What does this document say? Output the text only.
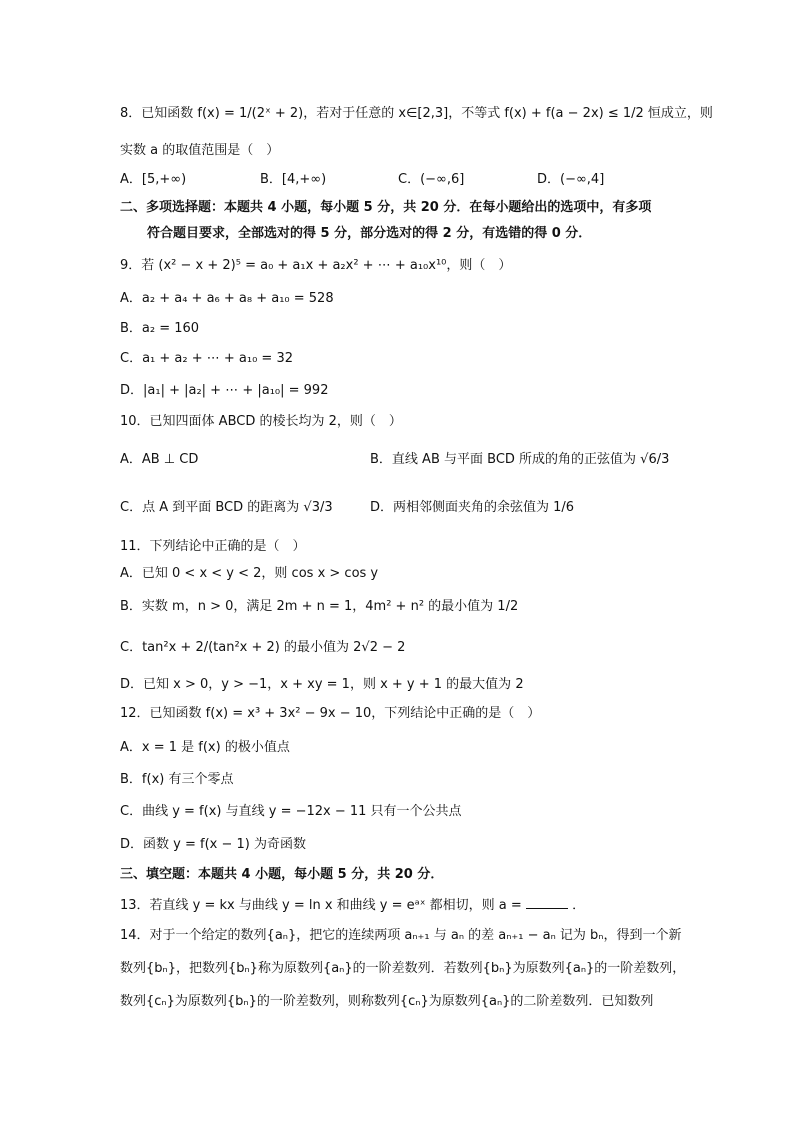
8．已知函数 f(x) = 1/(2ˣ + 2)，若对于任意的 x∈[2,3]，不等式 f(x) + f(a − 2x) ≤ 1/2 恒成立，则
实数 a 的取值范围是（　）
A．[5,+∞)	B．[4,+∞)	C．(−∞,6]	D．(−∞,4]
二、多项选择题：本题共 4 小题，每小题 5 分，共 20 分．在每小题给出的选项中，有多项
符合题目要求，全部选对的得 5 分，部分选对的得 2 分，有选错的得 0 分．
9．若 (x² − x + 2)⁵ = a₀ + a₁x + a₂x² + ⋯ + a₁₀x¹⁰，则（　）
A．a₂ + a₄ + a₆ + a₈ + a₁₀ = 528
B．a₂ = 160
C．a₁ + a₂ + ⋯ + a₁₀ = 32
D．|a₁| + |a₂| + ⋯ + |a₁₀| = 992
10．已知四面体 ABCD 的棱长均为 2，则（　）
A．AB ⊥ CD	B．直线 AB 与平面 BCD 所成的角的正弦值为 √6/3
C．点 A 到平面 BCD 的距离为 √3/3	D．两相邻侧面夹角的余弦值为 1/6
11．下列结论中正确的是（　）
A．已知 0 < x < y < 2，则 cos x > cos y
B．实数 m，n > 0，满足 2m + n = 1，4m² + n² 的最小值为 1/2
C．tan²x + 2/(tan²x + 2) 的最小值为 2√2 − 2
D．已知 x > 0，y > −1，x + xy = 1，则 x + y + 1 的最大值为 2
12．已知函数 f(x) = x³ + 3x² − 9x − 10，下列结论中正确的是（　）
A．x = 1 是 f(x) 的极小值点
B．f(x) 有三个零点
C．曲线 y = f(x) 与直线 y = −12x − 11 只有一个公共点
D．函数 y = f(x − 1) 为奇函数
三、填空题：本题共 4 小题，每小题 5 分，共 20 分．
13．若直线 y = kx 与曲线 y = ln x 和曲线 y = eᵃˣ 都相切，则 a =	．
14．对于一个给定的数列{aₙ}，把它的连续两项 aₙ₊₁ 与 aₙ 的差 aₙ₊₁ − aₙ 记为 bₙ，得到一个新
数列{bₙ}，把数列{bₙ}称为原数列{aₙ}的一阶差数列．若数列{bₙ}为原数列{aₙ}的一阶差数列，
数列{cₙ}为原数列{bₙ}的一阶差数列，则称数列{cₙ}为原数列{aₙ}的二阶差数列．已知数列
